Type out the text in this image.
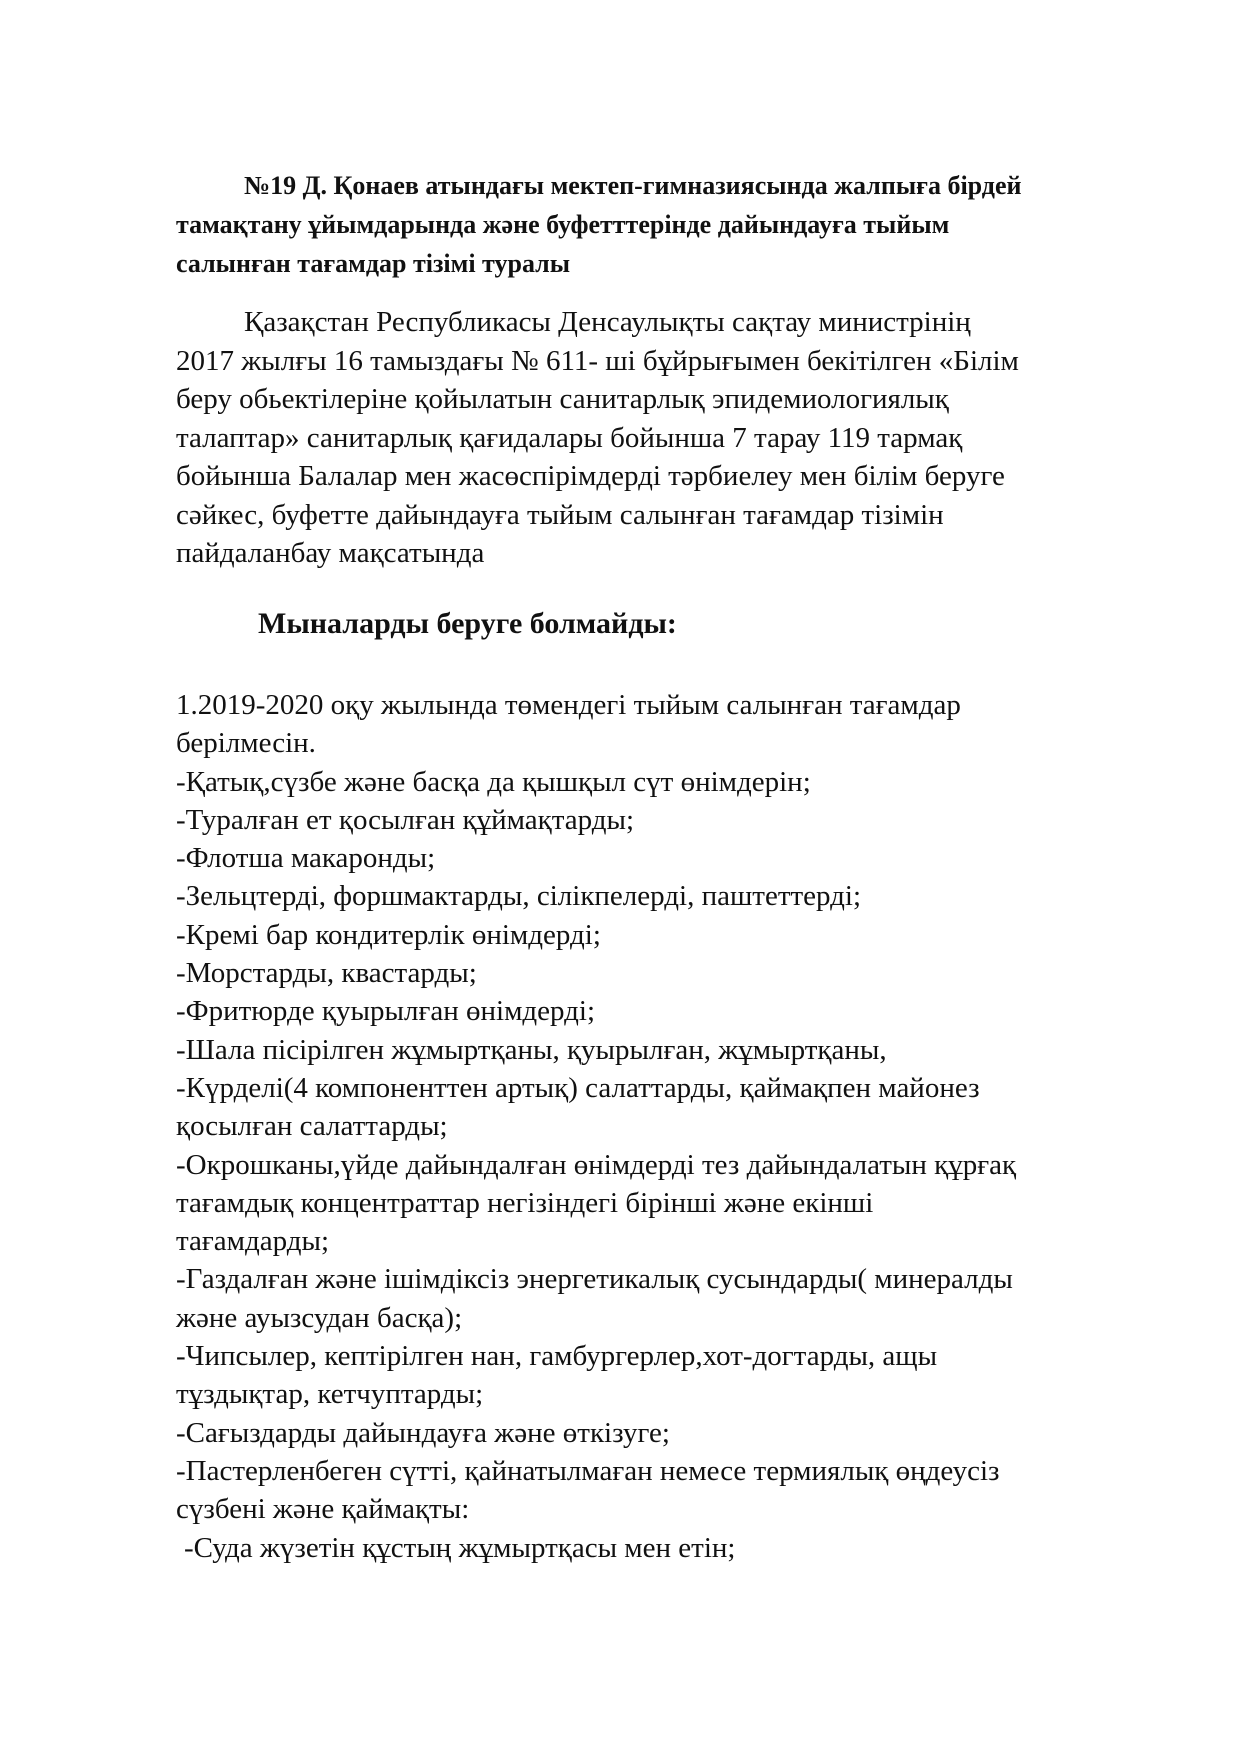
№19 Д. Қонаев атындағы мектеп-гимназиясында жалпыға бірдей
тамақтану ұйымдарында және буфетттерінде дайындауға тыйым
салынған тағамдар тізімі туралы
Қазақстан Республикасы Денсаулықты сақтау министрінің
2017 жылғы 16 тамыздағы № 611- ші бұйрығымен бекітілген «Білім
беру обьектілеріне қойылатын санитарлық эпидемиологиялық
талаптар» санитарлық қағидалары бойынша 7 тарау 119 тармақ
бойынша Балалар мен жасөспірімдерді тәрбиелеу мен білім беруге
сәйкес, буфетте дайындауға тыйым салынған тағамдар тізімін
пайдаланбау мақсатында
Мыналарды беруге болмайды:
1.2019-2020 оқу жылында төмендегі тыйым салынған тағамдар
берілмесін.
-Қатық,сүзбе және басқа да қышқыл сүт өнімдерін;
-Туралған ет қосылған құймақтарды;
-Флотша макаронды;
-Зельцтерді, форшмактарды, сілікпелерді, паштеттерді;
-Кремі бар кондитерлік өнімдерді;
-Морстарды, квастарды;
-Фритюрде қуырылған өнімдерді;
-Шала пісірілген жұмыртқаны, қуырылған, жұмыртқаны,
-Күрделі(4 компоненттен артық) салаттарды, қаймақпен майонез
қосылған салаттарды;
-Окрошканы,үйде дайындалған өнімдерді тез дайындалатын құрғақ
тағамдық концентраттар негізіндегі бірінші және екінші
тағамдарды;
-Газдалған және ішімдіксіз энергетикалық сусындарды( минералды
және ауызсудан басқа);
-Чипсылер, кептірілген нан, гамбургерлер,хот-догтарды, ащы
тұздықтар, кетчуптарды;
-Сағыздарды дайындауға және өткізуге;
-Пастерленбеген сүтті, қайнатылмаған немесе термиялық өңдеусіз
сүзбені және қаймақты:
-Суда жүзетін құстың жұмыртқасы мен етін;
